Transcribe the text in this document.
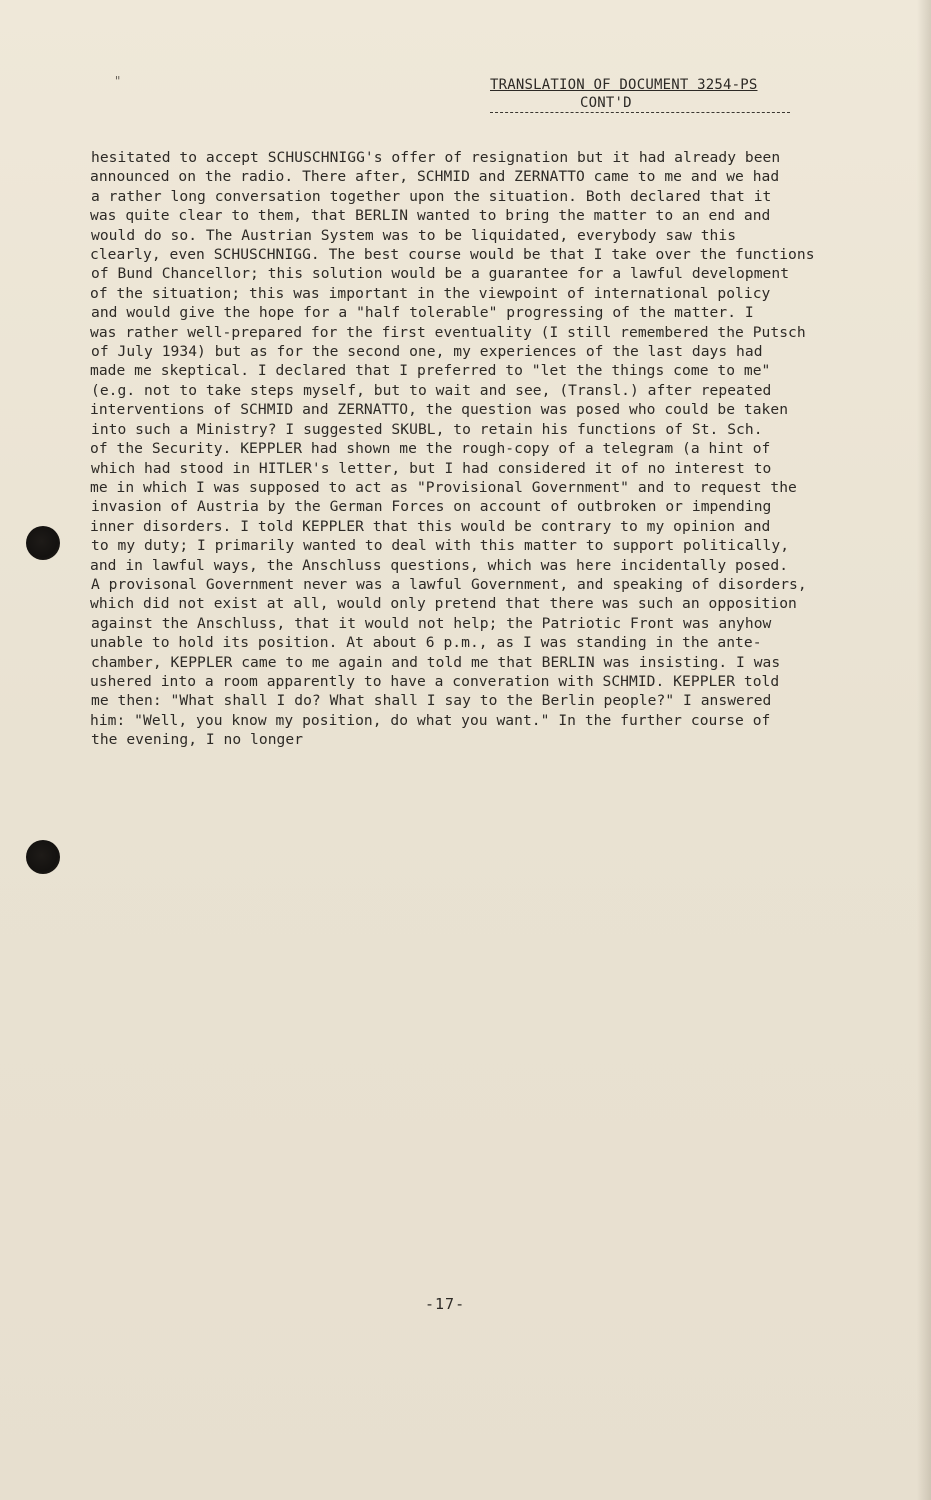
"	TRANSLATION OF DOCUMENT 3254-PS
CONT'D
hesitated to accept SCHUSCHNIGG's offer of resignation but it had already been
announced on the radio. There after, SCHMID and ZERNATTO came to me and we had
a rather long conversation together upon the situation. Both declared that it
was quite clear to them, that BERLIN wanted to bring the matter to an end and
would do so. The Austrian System was to be liquidated, everybody saw this
clearly, even SCHUSCHNIGG. The best course would be that I take over the functions
of Bund Chancellor; this solution would be a guarantee for a lawful development
of the situation; this was important in the viewpoint of international policy
and would give the hope for a "half tolerable" progressing of the matter. I
was rather well-prepared for the first eventuality (I still remembered the Putsch
of July 1934) but as for the second one, my experiences of the last days had
made me skeptical. I declared that I preferred to "let the things come to me"
(e.g. not to take steps myself, but to wait and see, (Transl.) after repeated
interventions of SCHMID and ZERNATTO, the question was posed who could be taken
into such a Ministry? I suggested SKUBL, to retain his functions of St. Sch.
of the Security. KEPPLER had shown me the rough-copy of a telegram (a hint of
which had stood in HITLER's letter, but I had considered it of no interest to
me in which I was supposed to act as "Provisional Government" and to request the
invasion of Austria by the German Forces on account of outbroken or impending
inner disorders. I told KEPPLER that this would be contrary to my opinion and
to my duty; I primarily wanted to deal with this matter to support politically,
and in lawful ways, the Anschluss questions, which was here incidentally posed.
A provisonal Government never was a lawful Government, and speaking of disorders,
which did not exist at all, would only pretend that there was such an opposition
against the Anschluss, that it would not help; the Patriotic Front was anyhow
unable to hold its position. At about 6 p.m., as I was standing in the ante-
chamber, KEPPLER came to me again and told me that BERLIN was insisting. I was
ushered into a room apparently to have a converation with SCHMID. KEPPLER told
me then: "What shall I do? What shall I say to the Berlin people?" I answered
him: "Well, you know my position, do what you want." In the further course of
the evening, I no longer
-17-
